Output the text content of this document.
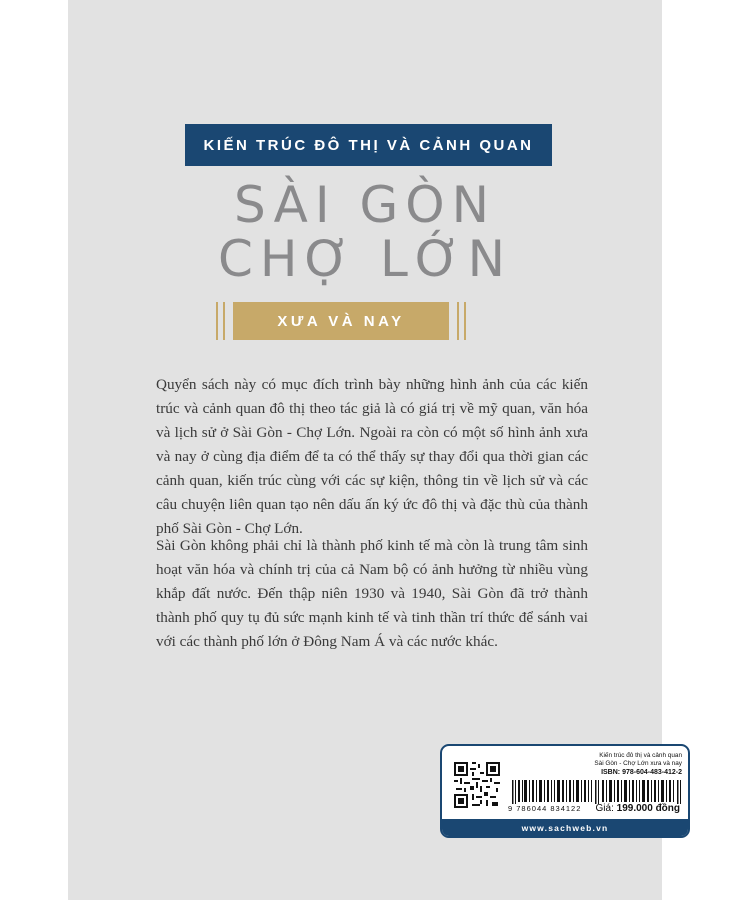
KIẾN TRÚC ĐÔ THỊ VÀ CẢNH QUAN
SÀI GÒN
CHỢ LỚN
XƯA VÀ NAY

Quyển sách này có mục đích trình bày những hình ảnh của các kiến trúc và cảnh quan đô thị theo tác giả là có giá trị về mỹ quan, văn hóa và lịch sử ở Sài Gòn - Chợ Lớn. Ngoài ra còn có một số hình ảnh xưa và nay ở cùng địa điểm để ta có thể thấy sự thay đổi qua thời gian các cảnh quan, kiến trúc cùng với các sự kiện, thông tin về lịch sử và các câu chuyện liên quan tạo nên dấu ấn ký ức đô thị và đặc thù của thành phố Sài Gòn - Chợ Lớn.

Sài Gòn không phải chỉ là thành phố kinh tế mà còn là trung tâm sinh hoạt văn hóa và chính trị của cả Nam bộ có ảnh hưởng từ nhiều vùng khắp đất nước. Đến thập niên 1930 và 1940, Sài Gòn đã trở thành thành phố quy tụ đủ sức mạnh kinh tế và tinh thần trí thức để sánh vai với các thành phố lớn ở Đông Nam Á và các nước khác.

Kiến trúc đô thị và cảnh quan
Sài Gòn - Chợ Lớn xưa và nay
ISBN: 978-604-483-412-2
9 786044 834122	Giá: 199.000 đồng
www.sachweb.vn
